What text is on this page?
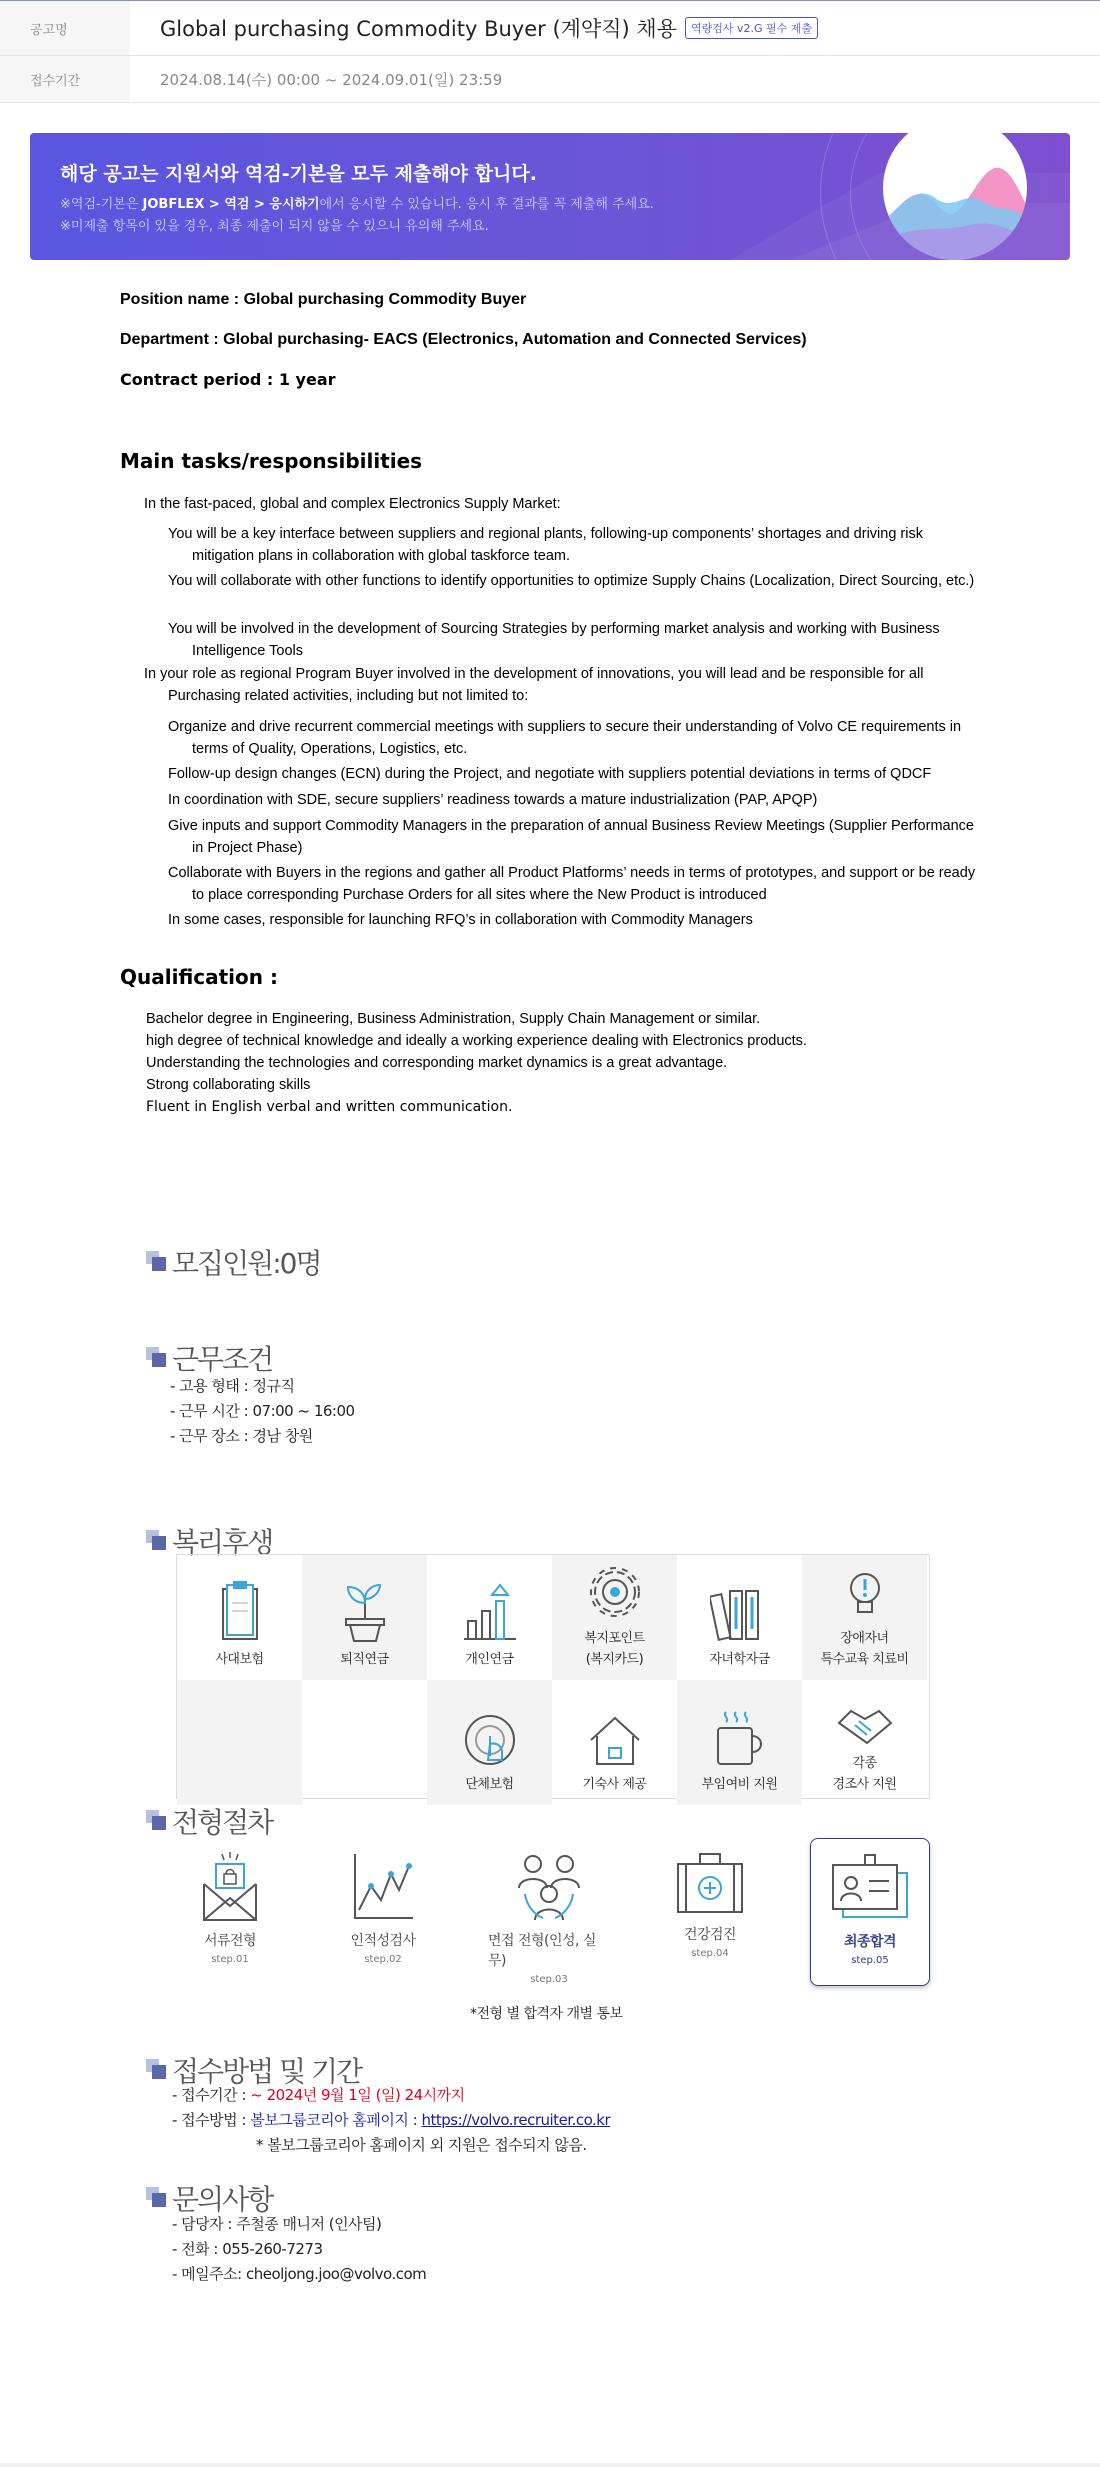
공고명	Global purchasing Commodity Buyer (계약직) 채용	역량검사 v2.G 필수 제출
접수기간	2024.08.14(수) 00:00 ~ 2024.09.01(일) 23:59
해당 공고는 지원서와 역검-기본을 모두 제출해야 합니다.

※역검-기본은 JOBFLEX > 역검 > 응시하기에서 응시할 수 있습니다. 응시 후 결과를 꼭 제출해 주세요.

※미제출 항목이 있을 경우, 최종 제출이 되지 않을 수 있으니 유의해 주세요.

Position name : Global purchasing Commodity Buyer
Department : Global purchasing- EACS (Electronics, Automation and Connected Services)
Contract period : 1 year
Main tasks/responsibilities
In the fast-paced, global and complex Electronics Supply Market:
You will be a key interface between suppliers and regional plants, following-up components’ shortages and driving risk mitigation plans in collaboration with global taskforce team.
You will collaborate with other functions to identify opportunities to optimize Supply Chains (Localization, Direct Sourcing, etc.)
You will be involved in the development of Sourcing Strategies by performing market analysis and working with Business Intelligence Tools
In your role as regional Program Buyer involved in the development of innovations, you will lead and be responsible for all Purchasing related activities, including but not limited to:
Organize and drive recurrent commercial meetings with suppliers to secure their understanding of Volvo CE requirements in terms of Quality, Operations, Logistics, etc.
Follow-up design changes (ECN) during the Project, and negotiate with suppliers potential deviations in terms of QDCF
In coordination with SDE, secure suppliers’ readiness towards a mature industrialization (PAP, APQP)
Give inputs and support Commodity Managers in the preparation of annual Business Review Meetings (Supplier Performance in Project Phase)
Collaborate with Buyers in the regions and gather all Product Platforms’ needs in terms of prototypes, and support or be ready to place corresponding Purchase Orders for all sites where the New Product is introduced
In some cases, responsible for launching RFQ’s in collaboration with Commodity Managers
Qualification :
Bachelor degree in Engineering, Business Administration, Supply Chain Management or similar.
high degree of technical knowledge and ideally a working experience dealing with Electronics products.
Understanding the technologies and corresponding market dynamics is a great advantage.
Strong collaborating skills
Fluent in English verbal and written communication.
모집인원:0명
근무조건
- 고용 형태 : 정규직
- 근무 시간 : 07:00 ~ 16:00
- 근무 장소 : 경남 창원
복리후생
사대보험	퇴직연금	개인연금
복지포인트
(복지카드)	자녀학자금
장애자녀
특수교육 치료비
단체보험	기숙사 제공	부임여비 지원
각종
경조사 지원
전형절차
서류전형
step.01
인적성검사
step.02
면접 전형(인성, 실무)
step.03
건강검진
step.04
최종합격
step.05
*전형 별 합격자 개별 통보
접수방법 및 기간
- 접수기간 : ~ 2024년 9월 1일 (일) 24시까지
- 접수방법 : 볼보그룹코리아 홈페이지 : https://volvo.recruiter.co.kr
* 볼보그룹코리아 홈페이지 외 지원은 접수되지 않음.
문의사항
- 담당자 : 주철종 매니저 (인사팀)
- 전화 : 055-260-7273
- 메일주소: cheoljong.joo@volvo.com
